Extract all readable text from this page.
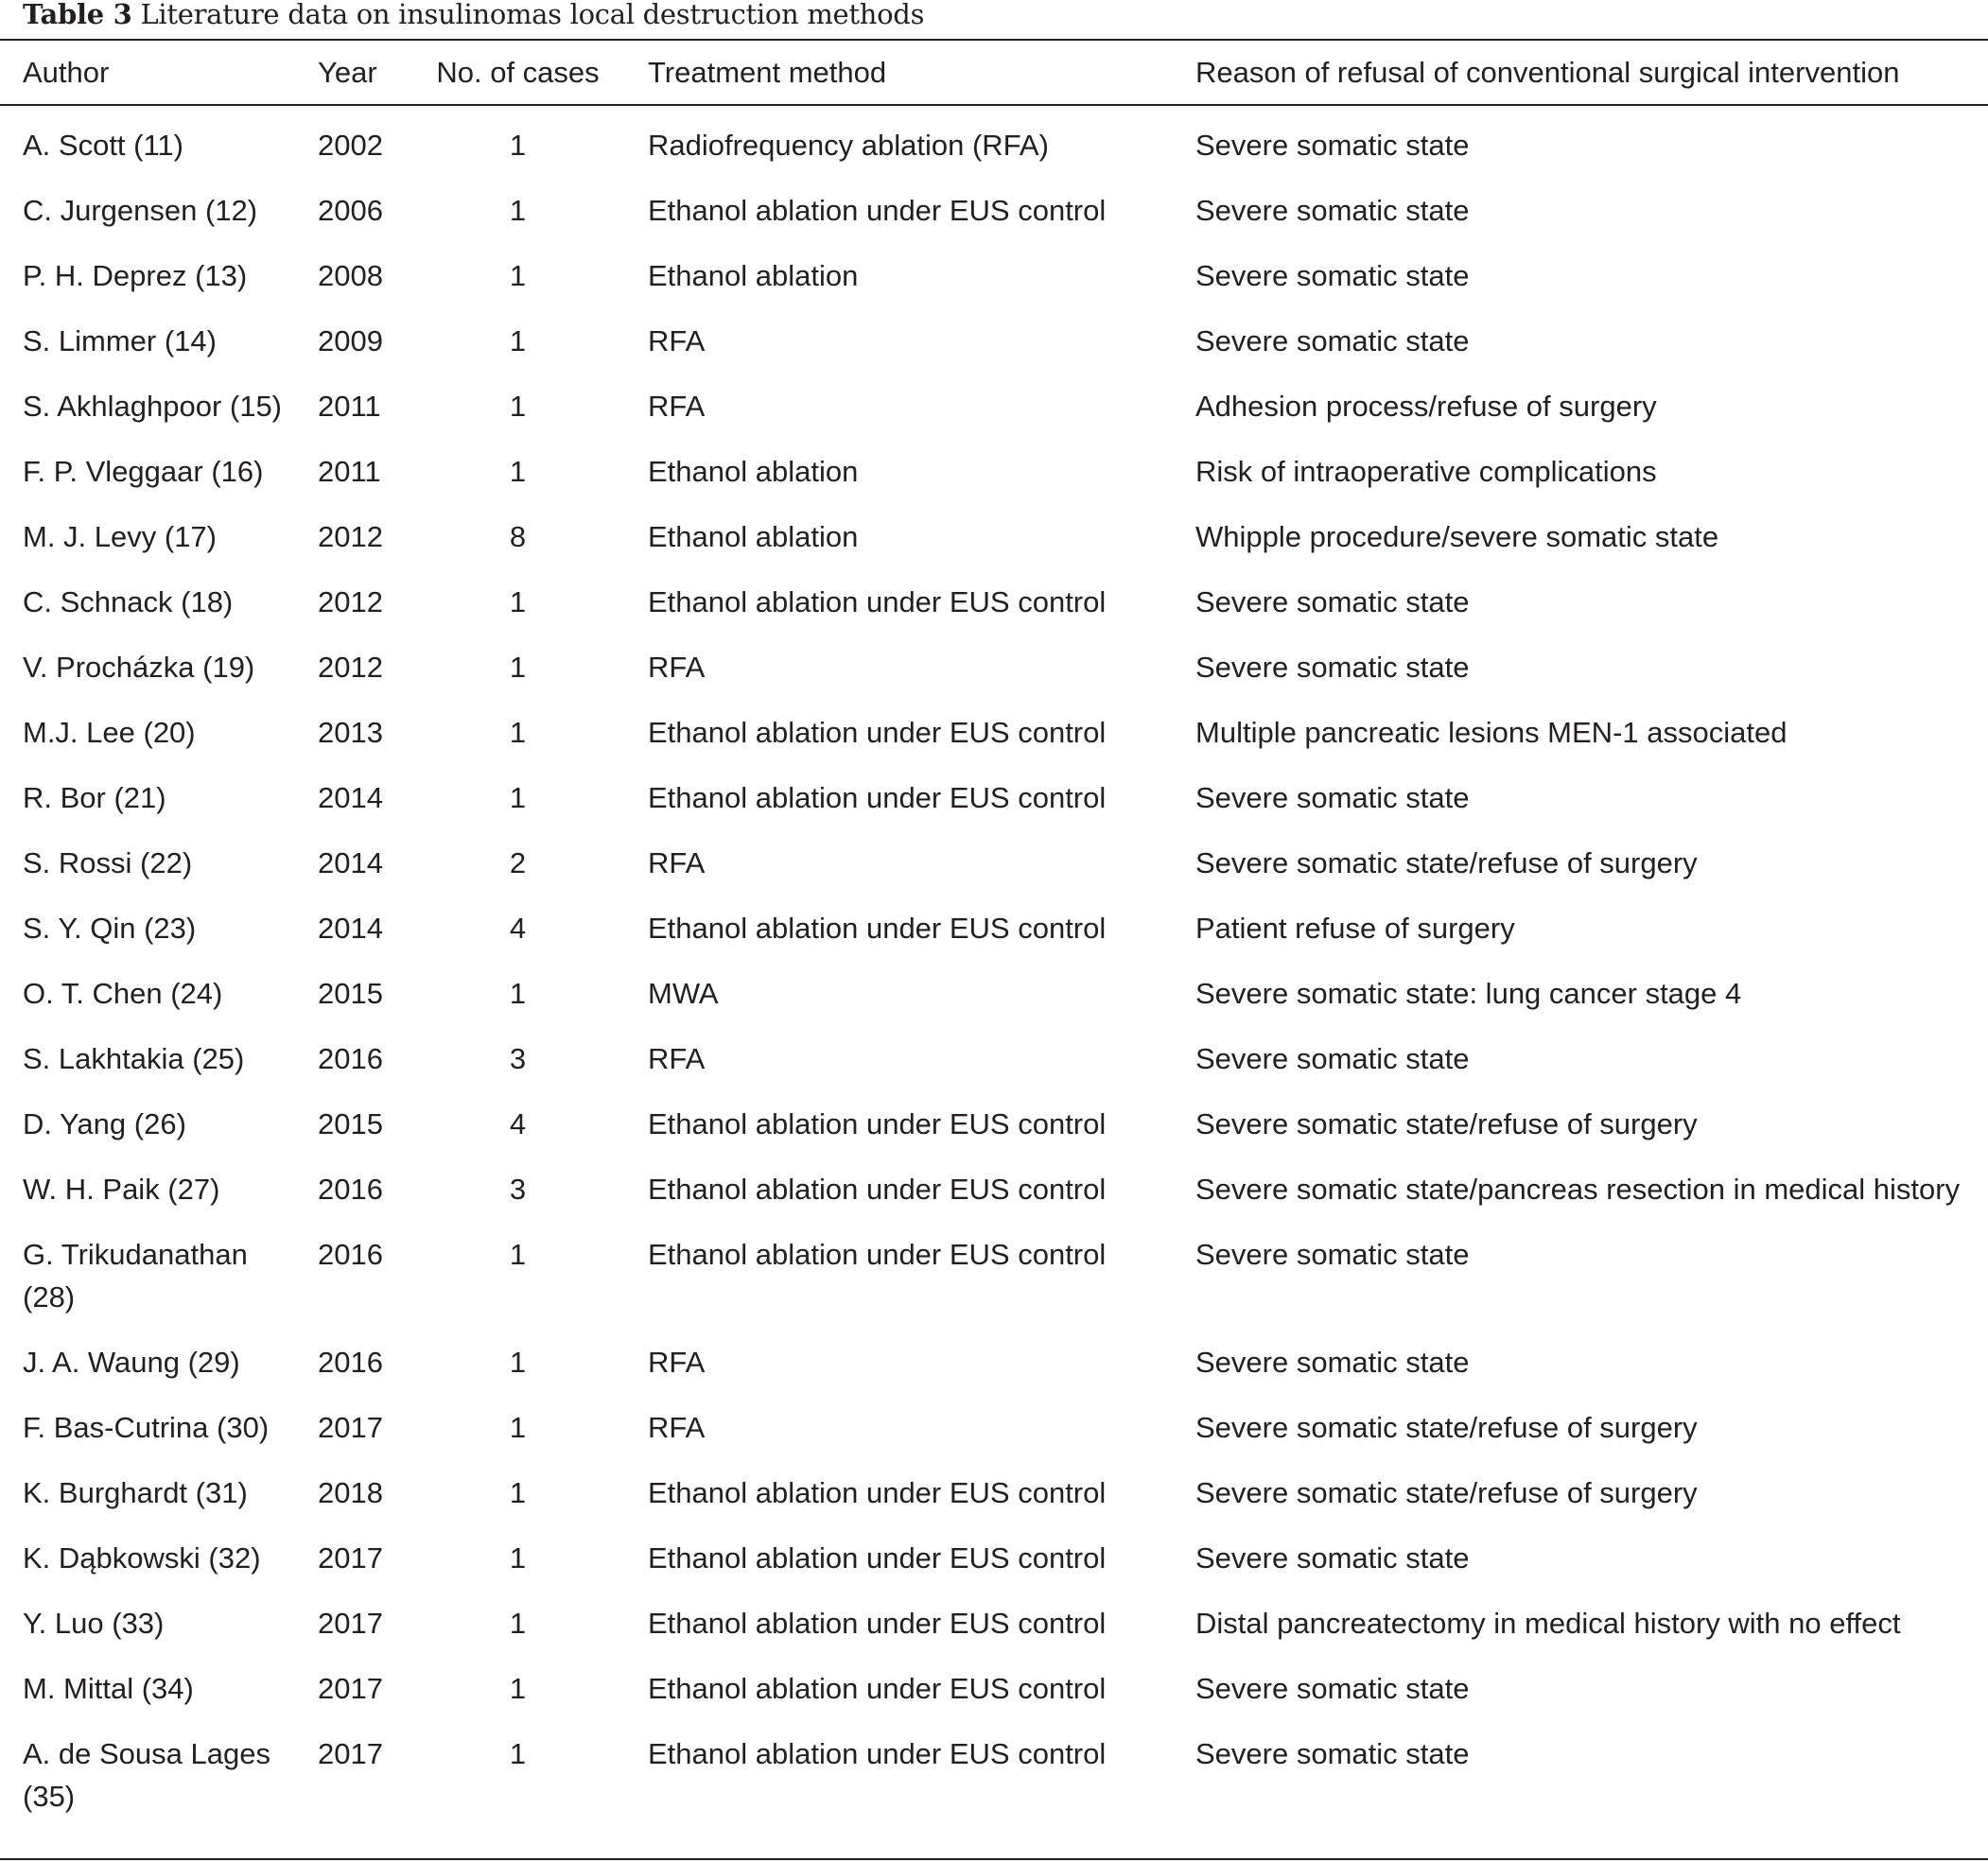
Table 3 Literature data on insulinomas local destruction methods
Author	Year	No. of cases	Treatment method	Reason of refusal of conventional surgical intervention
A. Scott (11)	2002	1	Radiofrequency ablation (RFA)	Severe somatic state
C. Jurgensen (12)	2006	1	Ethanol ablation under EUS control	Severe somatic state
P. H. Deprez (13)	2008	1	Ethanol ablation	Severe somatic state
S. Limmer (14)	2009	1	RFA	Severe somatic state
S. Akhlaghpoor (15)	2011	1	RFA	Adhesion process/refuse of surgery
F. P. Vleggaar (16)	2011	1	Ethanol ablation	Risk of intraoperative complications
M. J. Levy (17)	2012	8	Ethanol ablation	Whipple procedure/severe somatic state
C. Schnack (18)	2012	1	Ethanol ablation under EUS control	Severe somatic state
V. Procházka (19)	2012	1	RFA	Severe somatic state
M.J. Lee (20)	2013	1	Ethanol ablation under EUS control	Multiple pancreatic lesions MEN-1 associated
R. Bor (21)	2014	1	Ethanol ablation under EUS control	Severe somatic state
S. Rossi (22)	2014	2	RFA	Severe somatic state/refuse of surgery
S. Y. Qin (23)	2014	4	Ethanol ablation under EUS control	Patient refuse of surgery
O. T. Chen (24)	2015	1	MWA	Severe somatic state: lung cancer stage 4
S. Lakhtakia (25)	2016	3	RFA	Severe somatic state
D. Yang (26)	2015	4	Ethanol ablation under EUS control	Severe somatic state/refuse of surgery
W. H. Paik (27)	2016	3	Ethanol ablation under EUS control	Severe somatic state/pancreas resection in medical history
G. Trikudanathan (28)	2016	1	Ethanol ablation under EUS control	Severe somatic state
J. A. Waung (29)	2016	1	RFA	Severe somatic state
F. Bas-Cutrina (30)	2017	1	RFA	Severe somatic state/refuse of surgery
K. Burghardt (31)	2018	1	Ethanol ablation under EUS control	Severe somatic state/refuse of surgery
K. Dąbkowski (32)	2017	1	Ethanol ablation under EUS control	Severe somatic state
Y. Luo (33)	2017	1	Ethanol ablation under EUS control	Distal pancreatectomy in medical history with no effect
M. Mittal (34)	2017	1	Ethanol ablation under EUS control	Severe somatic state
A. de Sousa Lages (35)	2017	1	Ethanol ablation under EUS control	Severe somatic state
